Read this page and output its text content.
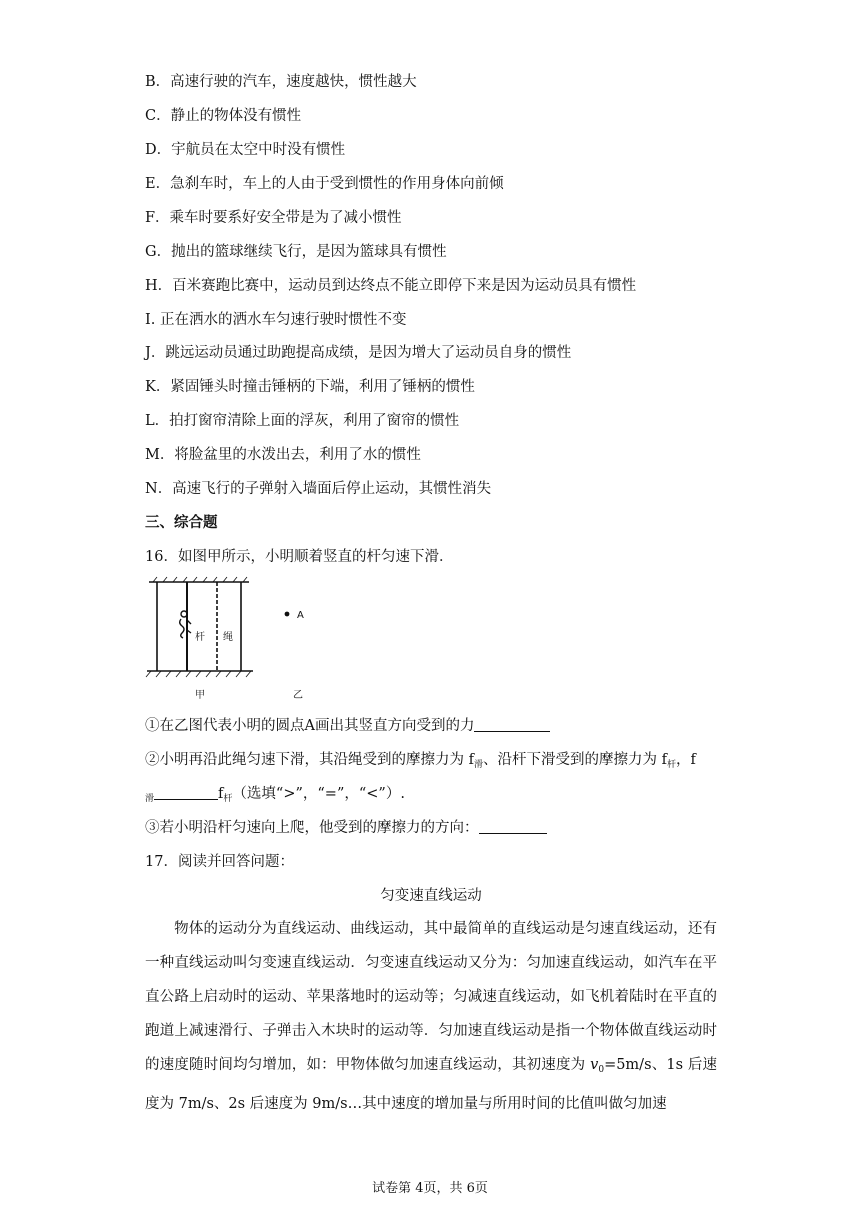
B．高速行驶的汽车，速度越快，惯性越大
C．静止的物体没有惯性
D．宇航员在太空中时没有惯性
E．急刹车时，车上的人由于受到惯性的作用身体向前倾
F．乘车时要系好安全带是为了减小惯性
G．抛出的篮球继续飞行，是因为篮球具有惯性
H．百米赛跑比赛中，运动员到达终点不能立即停下来是因为运动员具有惯性
I. 正在洒水的洒水车匀速行驶时惯性不变
J．跳远运动员通过助跑提高成绩，是因为增大了运动员自身的惯性
K．紧固锤头时撞击锤柄的下端，利用了锤柄的惯性
L．拍打窗帘清除上面的浮灰，利用了窗帘的惯性
M．将脸盆里的水泼出去，利用了水的惯性
N．高速飞行的子弹射入墙面后停止运动，其惯性消失
三、综合题
16．如图甲所示，小明顺着竖直的杆匀速下滑．
杆 绳
甲	乙
A
①在乙图代表小明的圆点A画出其竖直方向受到的力
②小明再沿此绳匀速下滑，其沿绳受到的摩擦力为 $f_滑$、沿杆下滑受到的摩擦力为 $f_杆$，f
$_滑$	$f_杆$（选填“>”，“=”，“<”）.
③若小明沿杆匀速向上爬，他受到的摩擦力的方向：
17．阅读并回答问题：
匀变速直线运动

物体的运动分为直线运动、曲线运动，其中最简单的直线运动是匀速直线运动，还有一种直线运动叫匀变速直线运动．匀变速直线运动又分为：匀加速直线运动，如汽车在平直公路上启动时的运动、苹果落地时的运动等；匀减速直线运动，如飞机着陆时在平直的跑道上减速滑行、子弹击入木块时的运动等．匀加速直线运动是指一个物体做直线运动时的速度随时间均匀增加，如：甲物体做匀加速直线运动，其初速度为 $v_0=5m/s$、1s 后速度为 7m/s、2s 后速度为 9m/s…其中速度的增加量与所用时间的比值叫做匀加速

试卷第 4页，共 6页
